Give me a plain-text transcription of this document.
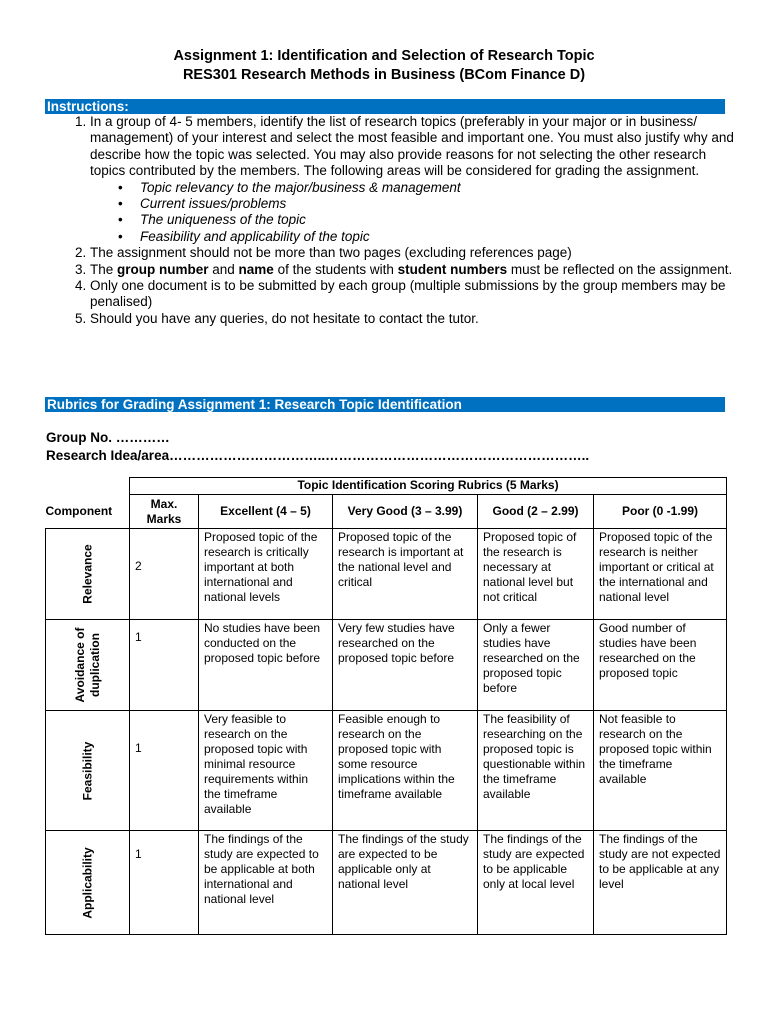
Assignment 1: Identification and Selection of Research Topic
RES301 Research Methods in Business (BCom Finance D)
Instructions:
1. In a group of 4- 5 members, identify the list of research topics (preferably in your major or in business/ management) of your interest and select the most feasible and important one. You must also justify why and describe how the topic was selected. You may also provide reasons for not selecting the other research topics contributed by the members. The following areas will be considered for grading the assignment.
• Topic relevancy to the major/business & management
• Current issues/problems
• The uniqueness of the topic
• Feasibility and applicability of the topic
2. The assignment should not be more than two pages (excluding references page)
3. The group number and name of the students with student numbers must be reflected on the assignment.
4. Only one document is to be submitted by each group (multiple submissions by the group members may be penalised)
5. Should you have any queries, do not hesitate to contact the tutor.
Rubrics for Grading Assignment 1: Research Topic Identification
Group No. …………
Research Idea/area……………………………..…………………………………………………..
	Topic Identification Scoring Rubrics (5 Marks)				
Component	Max. Marks	Excellent (4 – 5)	Very Good (3 – 3.99)	Good (2 – 2.99)	Poor (0 -1.99)

Relevance	2	Proposed topic of the research is critically important at both international and national levels	Proposed topic of the research is important at the national level and critical	Proposed topic of the research is necessary at national level but not critical	Proposed topic of the research is neither important or critical at the international and national level

Avoidance of duplication	1	No studies have been conducted on the proposed topic before	Very few studies have researched on the proposed topic before	Only a fewer studies have researched on the proposed topic before	Good number of studies have been researched on the proposed topic

Feasibility	1	Very feasible to research on the proposed topic with minimal resource requirements within the timeframe available	Feasible enough to research on the proposed topic with some resource implications within the timeframe available	The feasibility of researching on the proposed topic is questionable within the timeframe available	Not feasible to research on the proposed topic within the timeframe available

Applicability	1	The findings of the study are expected to be applicable at both international and national level	The findings of the study are expected to be applicable only at national level	The findings of the study are expected to be applicable only at local level	The findings of the study are not expected to be applicable at any level
